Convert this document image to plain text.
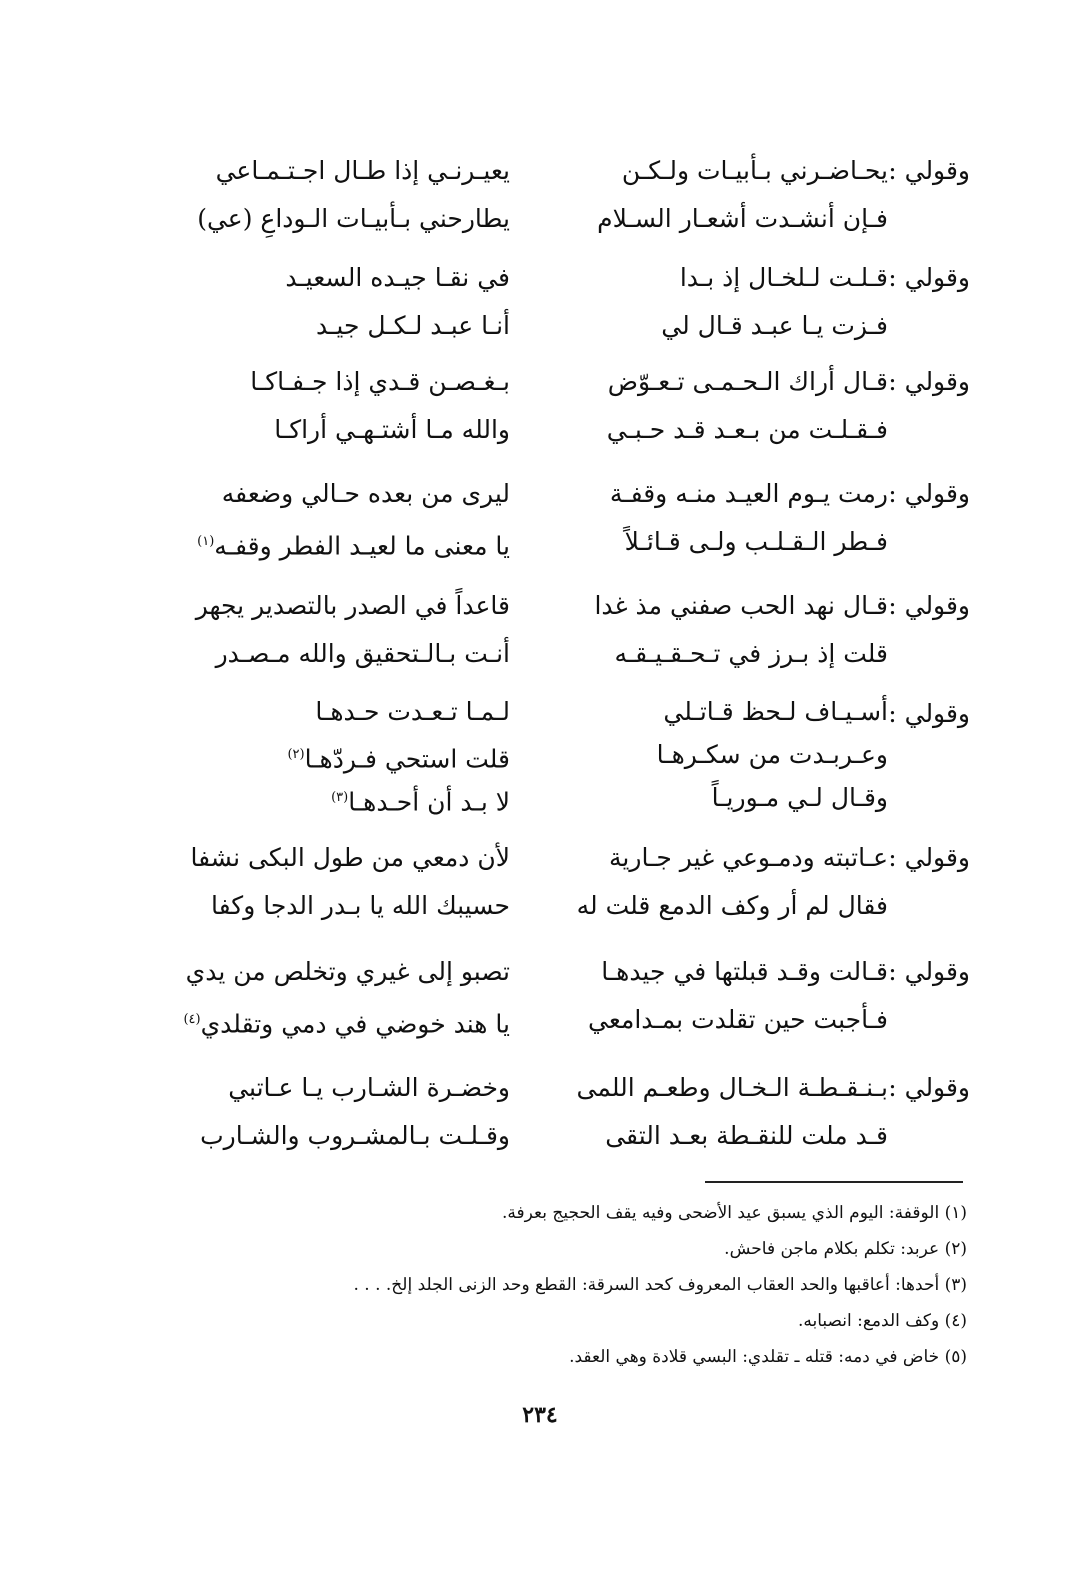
وقولي :
يحـاضـرني بـأبيـات ولـكـن
فـإن أنشـدت أشعـار السـلام
يعيـرنـي إذا طـال اجـتـمـاعي
يطارحني بـأبيـات الـوداعِ (عي)
وقولي :
قـلـت لـلخـال إذ بـدا
فـزت يـا عبـد قـال لي
في نقـا جيـده السعيـد
أنـا عبـد لـكـل جيـد
وقولي :
قـال أراك الـحـمـى تـعـوّض
فـقـلـت من بـعـد قـد حـبـي
بـغـصـن قـدي إذا جـفـاكـا
والله مـا أشتـهـي أراكـا
وقولي :
رمت يـوم العيـد منـه وقفـة
فـطر الـقـلـب ولـى قـائـلاً
ليرى من بعده حـالي وضعفه
يا معنى ما لعيـد الفطر وقفـه$^{(١)}$
وقولي :
قـال نهد الحب صفني مذ غدا
قلت إذ بـرز في تـحـقـيـقـه
قاعداً في الصدر بالتصدير يجهر
أنـت بـالـتحقيق والله مـصـدر
وقولي :
أسـيـاف لـحظ قـاتـلي
وعـربـدت من سكـرهـا
وقـال لـي مـوريـاً
لـمـا تـعـدت حـدهـا
قلت استحي فـردّهـا$^{(٢)}$
لا بـد أن أحـدهـا$^{(٣)}$
وقولي :
عـاتبته ودمـوعي غير جـارية
فقال لم أر وكف الدمع قلت له
لأن دمعي من طول البكى نشفا
حسيبك الله يا بـدر الدجا وكفا
وقولي :
قـالت وقـد قبلتها في جيدهـا
فـأجبت حين تقلدت بمـدامعي
تصبو إلى غيري وتخلص من يدي
يا هند خوضي في دمي وتقلدي$^{(٤)}$
وقولي :
بـنـقـطـة الـخـال وطعـم اللمى
قـد ملت للنقـطة بعـد التقى
وخضـرة الشـارب يـا عـاتبي
وقـلـت بـالمشـروب والشـارب
(١) الوقفة: اليوم الذي يسبق عيد الأضحى وفيه يقف الحجيج بعرفة.
(٢) عربد: تكلم بكلام ماجن فاحش.
(٣) أحدها: أعاقبها والحد العقاب المعروف كحد السرقة: القطع وحد الزنى الجلد إلخ. . . .
(٤) وكف الدمع: انصبابه.
(٥) خاض في دمه: قتله ـ تقلدي: البسي قلادة وهي العقد.
٢٣٤
